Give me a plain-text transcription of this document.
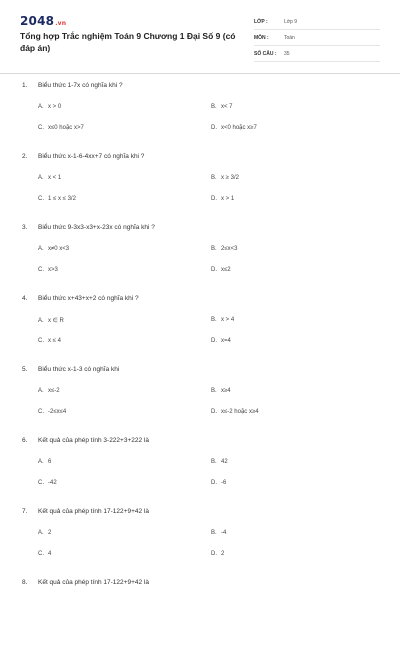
2048.vn
Tổng hợp Trắc nghiệm Toán 9 Chương 1 Đại Số 9 (có đáp án)
LỚP :	Lớp 9
MÔN :	Toán
SỐ CÂU : 35
1. Biểu thức 1-7x có nghĩa khi ?
A. x > 0	B. x< 7
C. x≤0 hoặc x>7	D. x<0 hoặc x≥7
2. Biểu thức x-1-6-4xx+7 có nghĩa khi ?
A. x < 1	B. x ≥ 3/2
C. 1 ≤ x ≤ 3/2	D. x > 1
3. Biểu thức 9-3x3-x3+x-23x có nghĩa khi ?
A. x≠0 x<3	B. 2≤x<3
C. x>3	D. x≤2
4. Biểu thức x+43+x+2 có nghĩa khi ?
A. x ∈ R	B. x > 4
C. x ≤ 4	D. x=4
5. Biểu thức x-1-3 có nghĩa khi
A. x≤-2	B. x≥4
C. -2≤x≤4	D. x≤-2 hoặc x≥4
6. Kết quả của phép tính 3-222+3+222 là
A. 6	B. 42
C. -42	D. -6
7. Kết quả của phép tính 17-122+9+42 là
A. 2	B. -4
C. 4	D. 2
8. Kết quả của phép tính 17-122+9+42 là
